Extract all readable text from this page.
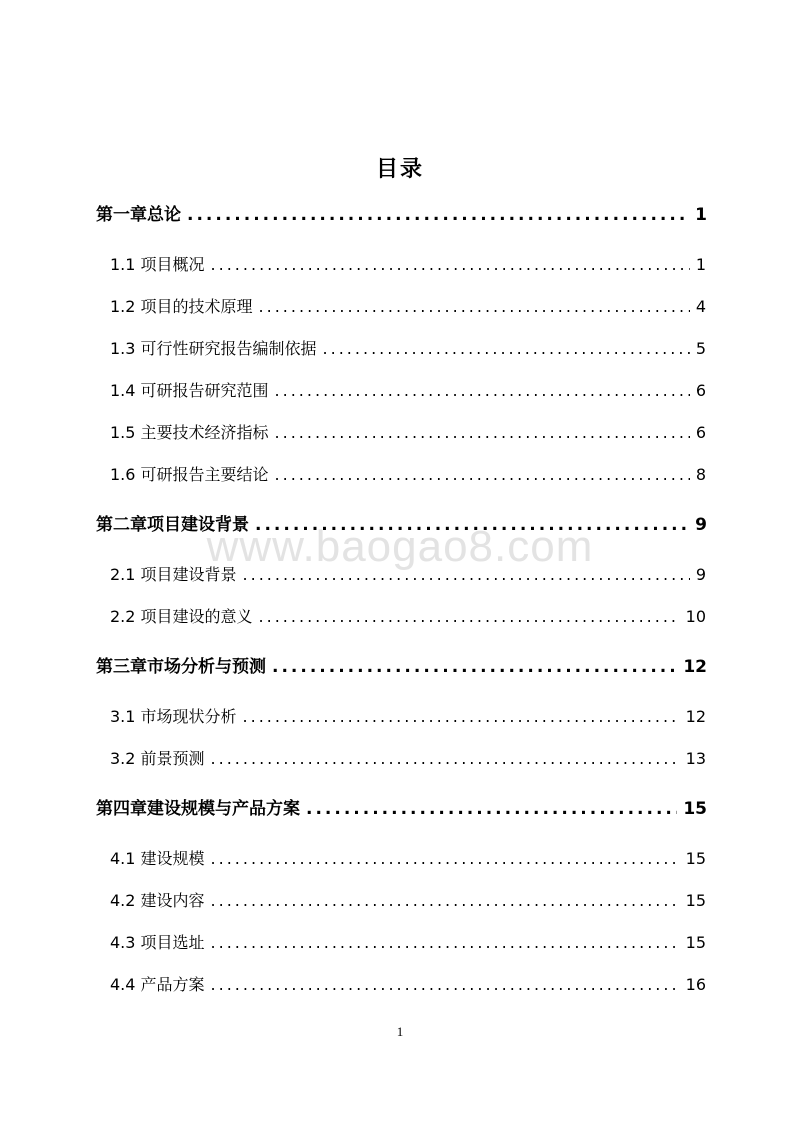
www.baogao8.com
目录
第一章总论 .....	1
1.1 项目概况 .....	1
1.2 项目的技术原理 .....	4
1.3 可行性研究报告编制依据 .....	5
1.4 可研报告研究范围 .....	6
1.5 主要技术经济指标 .....	6
1.6 可研报告主要结论 .....	8
第二章项目建设背景 .....	9
2.1 项目建设背景 .....	9
2.2 项目建设的意义 .....	10
第三章市场分析与预测 .....	12
3.1 市场现状分析 .....	12
3.2 前景预测 .....	13
第四章建设规模与产品方案 .....	15
4.1 建设规模 .....	15
4.2 建设内容 .....	15
4.3 项目选址 .....	15
4.4 产品方案 .....	16
1
